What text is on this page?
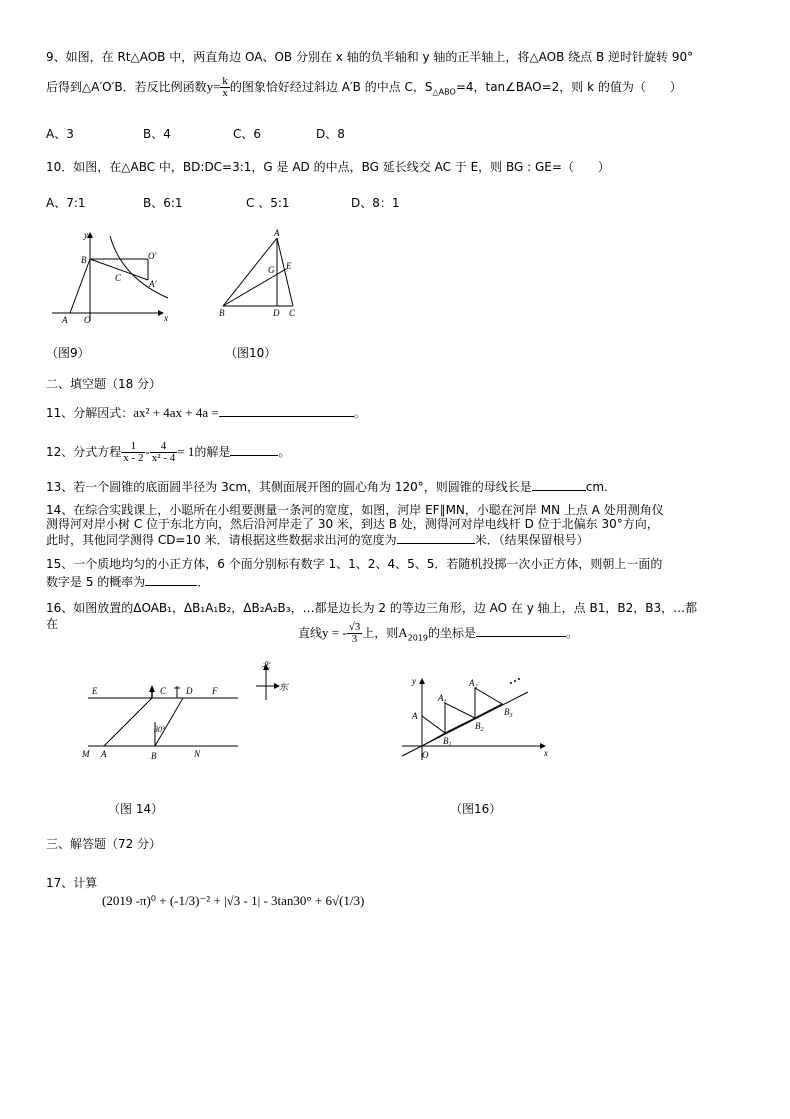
9、如图，在 Rt△AOB 中，两直角边 OA、OB 分别在 x 轴的负半轴和 y 轴的正半轴上，将△AOB 绕点 B 逆时针旋转 90°
后得到△A′O′B．若反比例函数$y= \frac{k}{x}$ 的图象恰好经过斜边 A′B 的中点 C，$S_{\triangle ABO}=4$，tan∠BAO=2，则 k 的值为（　　）
A、3	B、4	C、6	D、8
10．如图，在△ABC 中，BD:DC=3:1，G 是 AD 的中点，BG 延长线交 AC 于 E，则 BG : GE=（　　）
A、7:1	B、6:1	C 、5:1	D、8：1
y
x
A O
B
C
O′
A′
A
G E
B	D C
（图9）	（图10）
二、填空题（18 分）
11、分解因式：ax² + 4ax + 4a =	。
12、分式方程 $\frac{1}{x - 2} - \frac{4}{\text{x² - 4}} = 1$的解是	。
13、若一个圆锥的底面圆半径为 3cm，其侧面展开图的圆心角为 120°，则圆锥的母线长是	cm.
14、在综合实践课上，小聪所在小组要测量一条河的宽度，如图，河岸 EF∥MN，小聪在河岸 MN 上点 A 处用测角仪
测得河对岸小树 C 位于东北方向，然后沿河岸走了 30 米，到达 B 处，测得河对岸电线杆 D 位于北偏东 30°方向，
此时，其他同学测得 CD=10 米．请根据这些数据求出河的宽度为	米．（结果保留根号）
15、一个质地均匀的小正方体，6 个面分别标有数字 1、1、2、4、5、5．若随机投掷一次小正方体，则朝上一面的
数字是 5 的概率为	．
16、如图放置的ΔOAB₁，ΔB₁A₁B₂，ΔB₂A₂B₃，…都是边长为 2 的等边三角形，边 AO 在 y 轴上，点 B1，B2，B3，…都
在
直线y = - $\frac{√3}{3}$ 上，则$A_{2019}$的坐标是	。
北
东
E	C D F
M A	B	N
30°
y
x
O
A
$A_1$
$A_2$
$B_1$
$B_2$
$B_3$
（图 14）	（图16）
三、解答题（72 分）
17、计算
(2019 -π)⁰ + (-1/3)⁻² + |√3 - 1| - 3tan30° + 6√(1/3)
